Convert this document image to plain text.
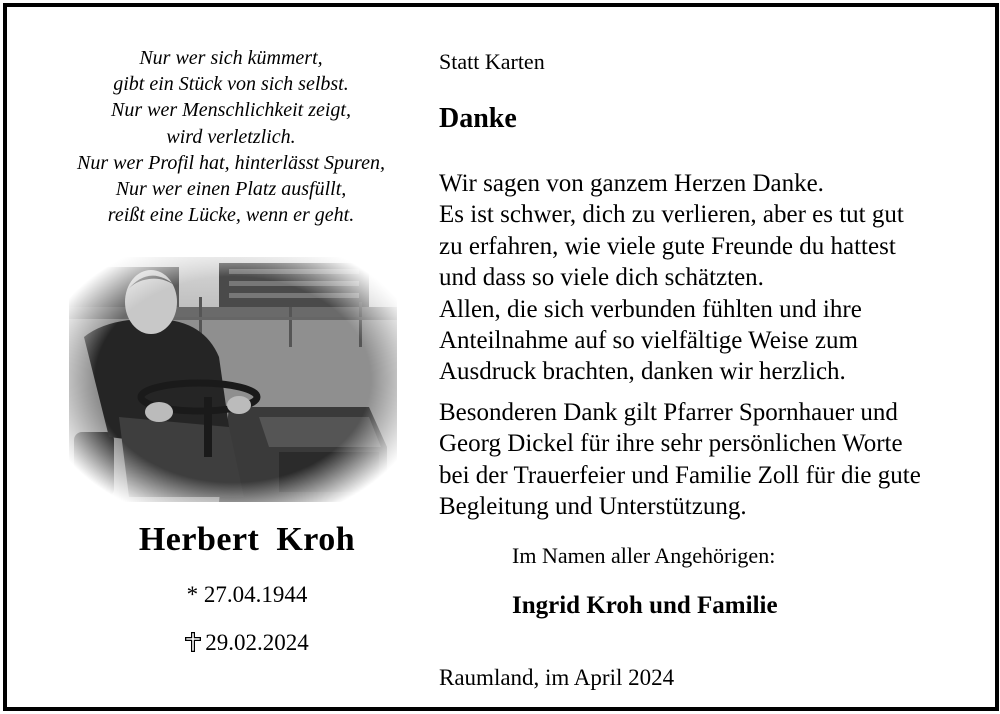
Nur wer sich kümmert,
gibt ein Stück von sich selbst.
Nur wer Menschlichkeit zeigt,
wird verletzlich.
Nur wer Profil hat, hinterlässt Spuren,
Nur wer einen Platz ausfüllt,
reißt eine Lücke, wenn er geht.
Herbert Kroh
* 27.04.1944
29.02.2024
Statt Karten
Danke
Wir sagen von ganzem Herzen Danke.
Es ist schwer, dich zu verlieren, aber es tut gut
zu erfahren, wie viele gute Freunde du hattest
und dass so viele dich schätzten.
Allen, die sich verbunden fühlten und ihre
Anteilnahme auf so vielfältige Weise zum
Ausdruck brachten, danken wir herzlich.
Besonderen Dank gilt Pfarrer Spornhauer und
Georg Dickel für ihre sehr persönlichen Worte
bei der Trauerfeier und Familie Zoll für die gute
Begleitung und Unterstützung.
Im Namen aller Angehörigen:
Ingrid Kroh und Familie
Raumland, im April 2024
